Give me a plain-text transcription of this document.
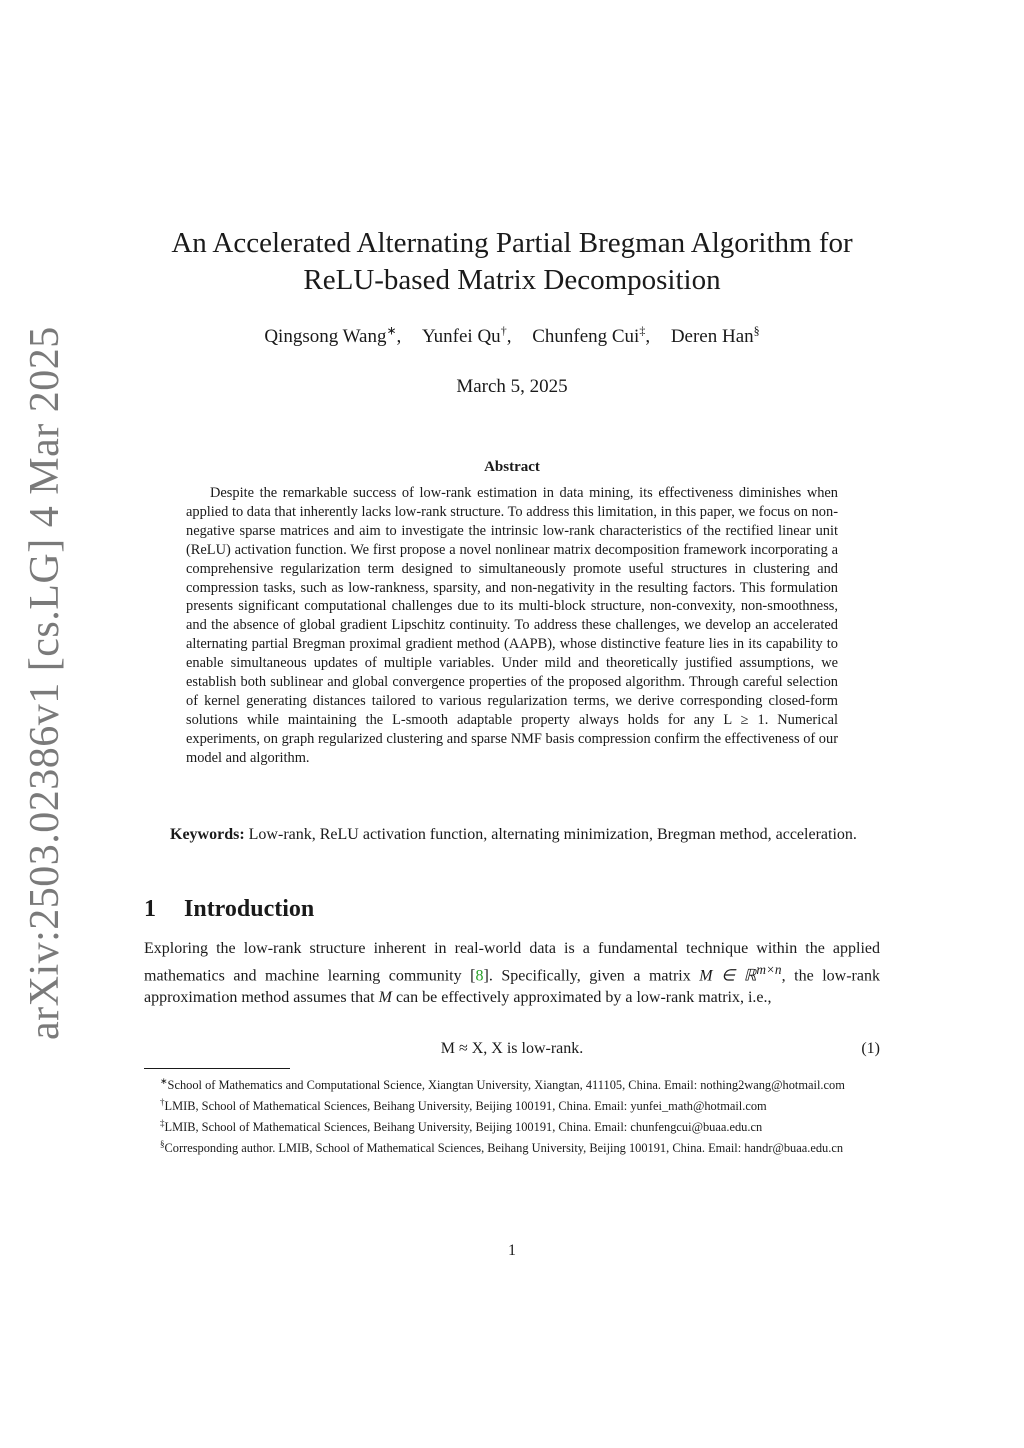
arXiv:2503.02386v1 [cs.LG] 4 Mar 2025
An Accelerated Alternating Partial Bregman Algorithm for
ReLU-based Matrix Decomposition
Qingsong Wang∗, Yunfei Qu†, Chunfeng Cui‡, Deren Han§
March 5, 2025
Abstract
Despite the remarkable success of low-rank estimation in data mining, its effectiveness diminishes when applied to data that inherently lacks low-rank structure. To address this limitation, in this paper, we focus on non-negative sparse matrices and aim to investigate the intrinsic low-rank characteristics of the rectified linear unit (ReLU) activation function. We first propose a novel nonlinear matrix decomposition framework incorporating a comprehensive regularization term designed to simultaneously promote useful structures in clustering and compression tasks, such as low-rankness, sparsity, and non-negativity in the resulting factors. This formulation presents significant computational challenges due to its multi-block structure, non-convexity, non-smoothness, and the absence of global gradient Lipschitz continuity. To address these challenges, we develop an accelerated alternating partial Bregman proximal gradient method (AAPB), whose distinctive feature lies in its capability to enable simultaneous updates of multiple variables. Under mild and theoretically justified assumptions, we establish both sublinear and global convergence properties of the proposed algorithm. Through careful selection of kernel generating distances tailored to various regularization terms, we derive corresponding closed-form solutions while maintaining the L-smooth adaptable property always holds for any L ≥ 1. Numerical experiments, on graph regularized clustering and sparse NMF basis compression confirm the effectiveness of our model and algorithm.
Keywords: Low-rank, ReLU activation function, alternating minimization, Bregman method, acceleration.
1 Introduction
Exploring the low-rank structure inherent in real-world data is a fundamental technique within the applied mathematics and machine learning community [8]. Specifically, given a matrix M ∈ ℝ$^{m\times n}$, the low-rank approximation method assumes that M can be effectively approximated by a low-rank matrix, i.e.,
M ≈ X, X is low-rank.	(1)
∗School of Mathematics and Computational Science, Xiangtan University, Xiangtan, 411105, China. Email: nothing2wang@hotmail.com
†LMIB, School of Mathematical Sciences, Beihang University, Beijing 100191, China. Email: yunfei_math@hotmail.com
‡LMIB, School of Mathematical Sciences, Beihang University, Beijing 100191, China. Email: chunfengcui@buaa.edu.cn
§Corresponding author. LMIB, School of Mathematical Sciences, Beihang University, Beijing 100191, China. Email: handr@buaa.edu.cn
1
